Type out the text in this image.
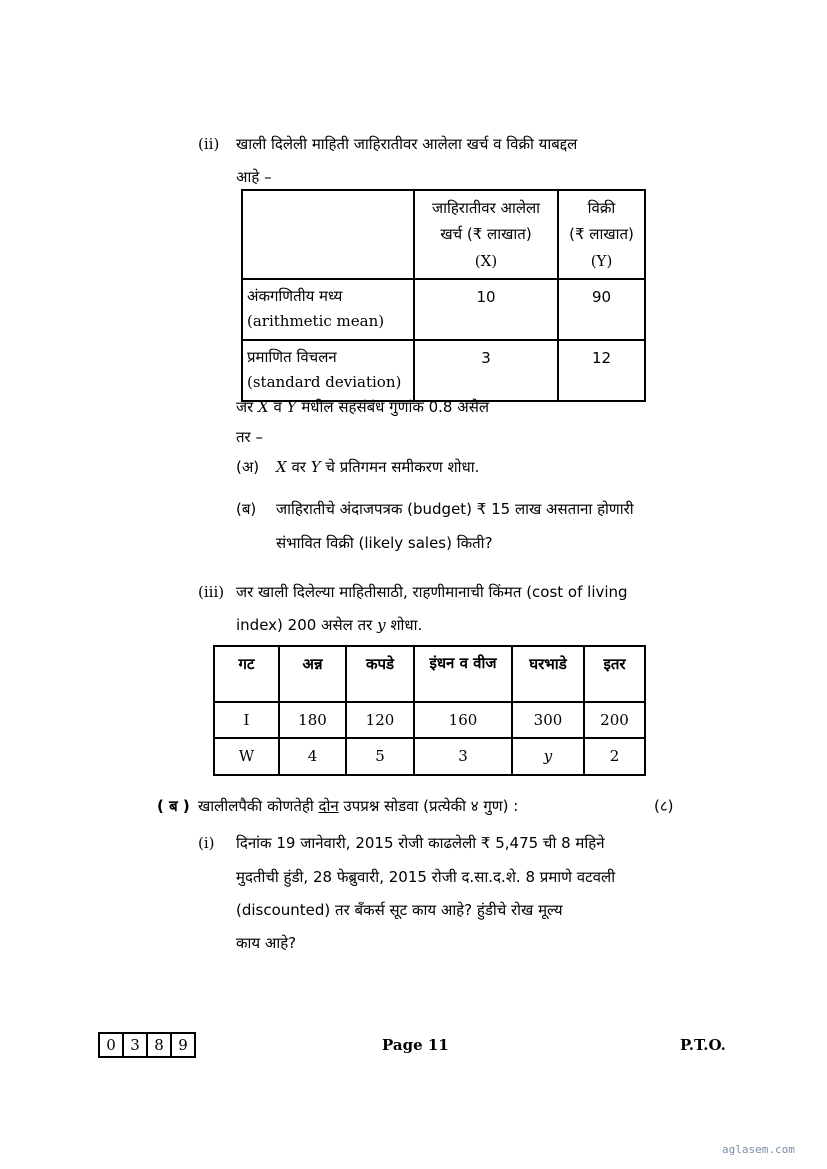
(ii) खाली दिलेली माहिती जाहिरातीवर आलेला खर्च व विक्री याबद्दल
आहे –
	जाहिरातीवर आलेला
खर्च (₹ लाखात)
(X)	विक्री
(₹ लाखात)
(Y)
अंकगणितीय मध्य
(arithmetic mean)	10	90
प्रमाणित विचलन
(standard deviation)	3	12
जर X व Y मधील सहसंबंध गुणांक 0.8 असेल
तर –
(अ) X वर Y चे प्रतिगमन समीकरण शोधा.
(ब) जाहिरातीचे अंदाजपत्रक (budget) ₹ 15 लाख असताना होणारी
संभावित विक्री (likely sales) किती?
(iii) जर खाली दिलेल्या माहितीसाठी, राहणीमानाची किंमत (cost of living
index) 200 असेल तर y शोधा.
गट	अन्न	कपडे	इंधन व वीज	घरभाडे	इतर
I	180	120	160	300	200
W	4	5	3	y	2
( ब ) खालीलपैकी कोणतेही दोन उपप्रश्न सोडवा (प्रत्येकी ४ गुण) :	(८)
(i) दिनांक 19 जानेवारी, 2015 रोजी काढलेली ₹ 5,475 ची 8 महिने
मुदतीची हुंडी, 28 फेब्रुवारी, 2015 रोजी द.सा.द.शे. 8 प्रमाणे वटवली
(discounted) तर बँकर्स सूट काय आहे? हुंडीचे रोख मूल्य
काय आहे?
0 3 8 9	Page 11	P.T.O.
aglasem.com
